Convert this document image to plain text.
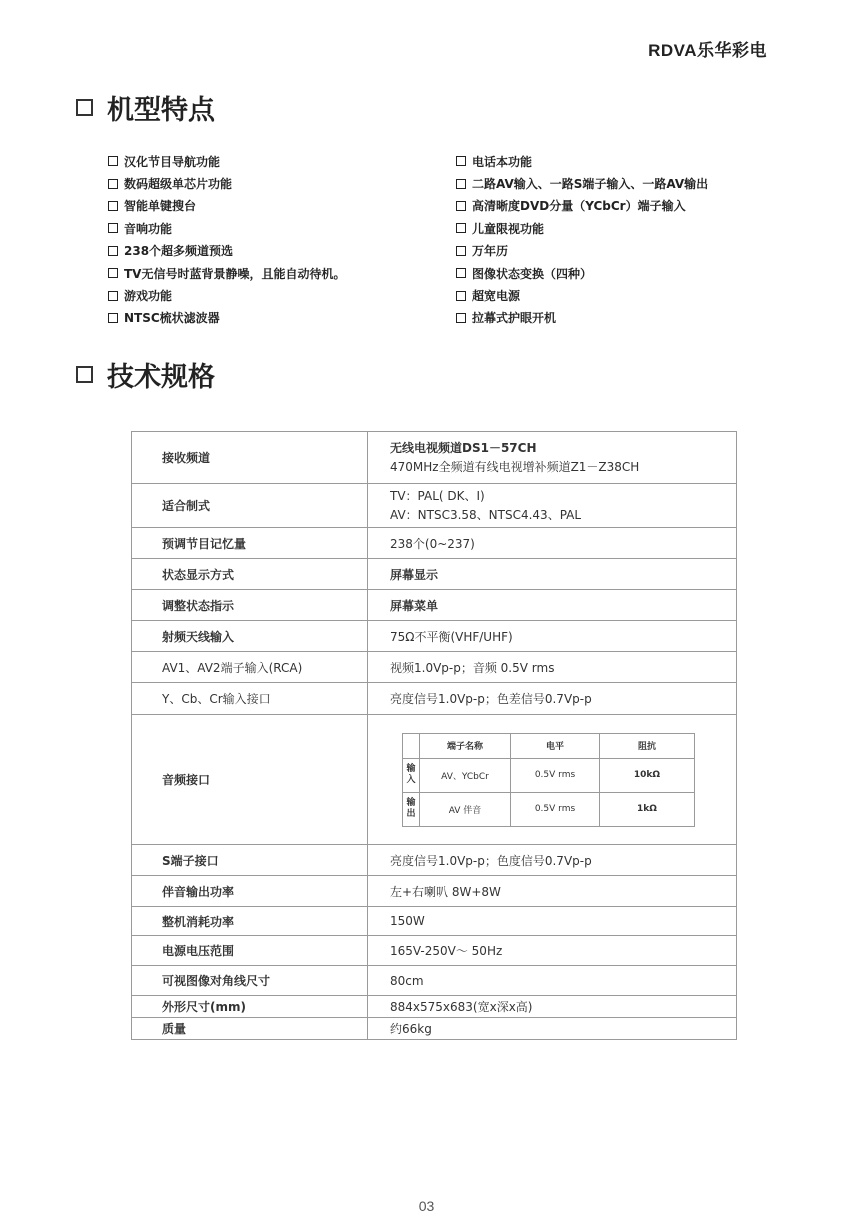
RDVA乐华彩电
机型特点
汉化节目导航功能
数码超级单芯片功能
智能单键搜台
音响功能
238个超多频道预选
TV无信号时蓝背景静噪，且能自动待机。
游戏功能
NTSC梳状滤波器
电话本功能
二路AV输入、一路S端子输入、一路AV输出
高清晰度DVD分量（YCbCr）端子输入
儿童限视功能
万年历
图像状态变换（四种）
超宽电源
拉幕式护眼开机
技术规格
接收频道	
无线电视频道DS1－57CH
470MHz全频道有线电视增补频道Z1－Z38CH

适合制式	
TV：PAL( DK、I)
AV：NTSC3.58、NTSC4.43、PAL

预调节目记忆量	238个(0~237)
状态显示方式	屏幕显示
调整状态指示	屏幕菜单
射频天线输入	75Ω不平衡(VHF/UHF)
AV1、AV2端子输入(RCA)	视频1.0Vp-p；音频 0.5V rms
Y、Cb、Cr输入接口	亮度信号1.0Vp-p；色差信号0.7Vp-p
音频接口	
	端子名称	电平	阻抗
输入	AV、YCbCr	0.5V rms	10kΩ
输出	AV 伴音	0.5V rms	1kΩ

S端子接口	亮度信号1.0Vp-p；色度信号0.7Vp-p
伴音输出功率	左+右喇叭 8W+8W
整机消耗功率	150W
电源电压范围	165V-250V～ 50Hz
可视图像对角线尺寸	80cm
外形尺寸(mm)	884x575x683(宽x深x高)
质量	约66kg
03
